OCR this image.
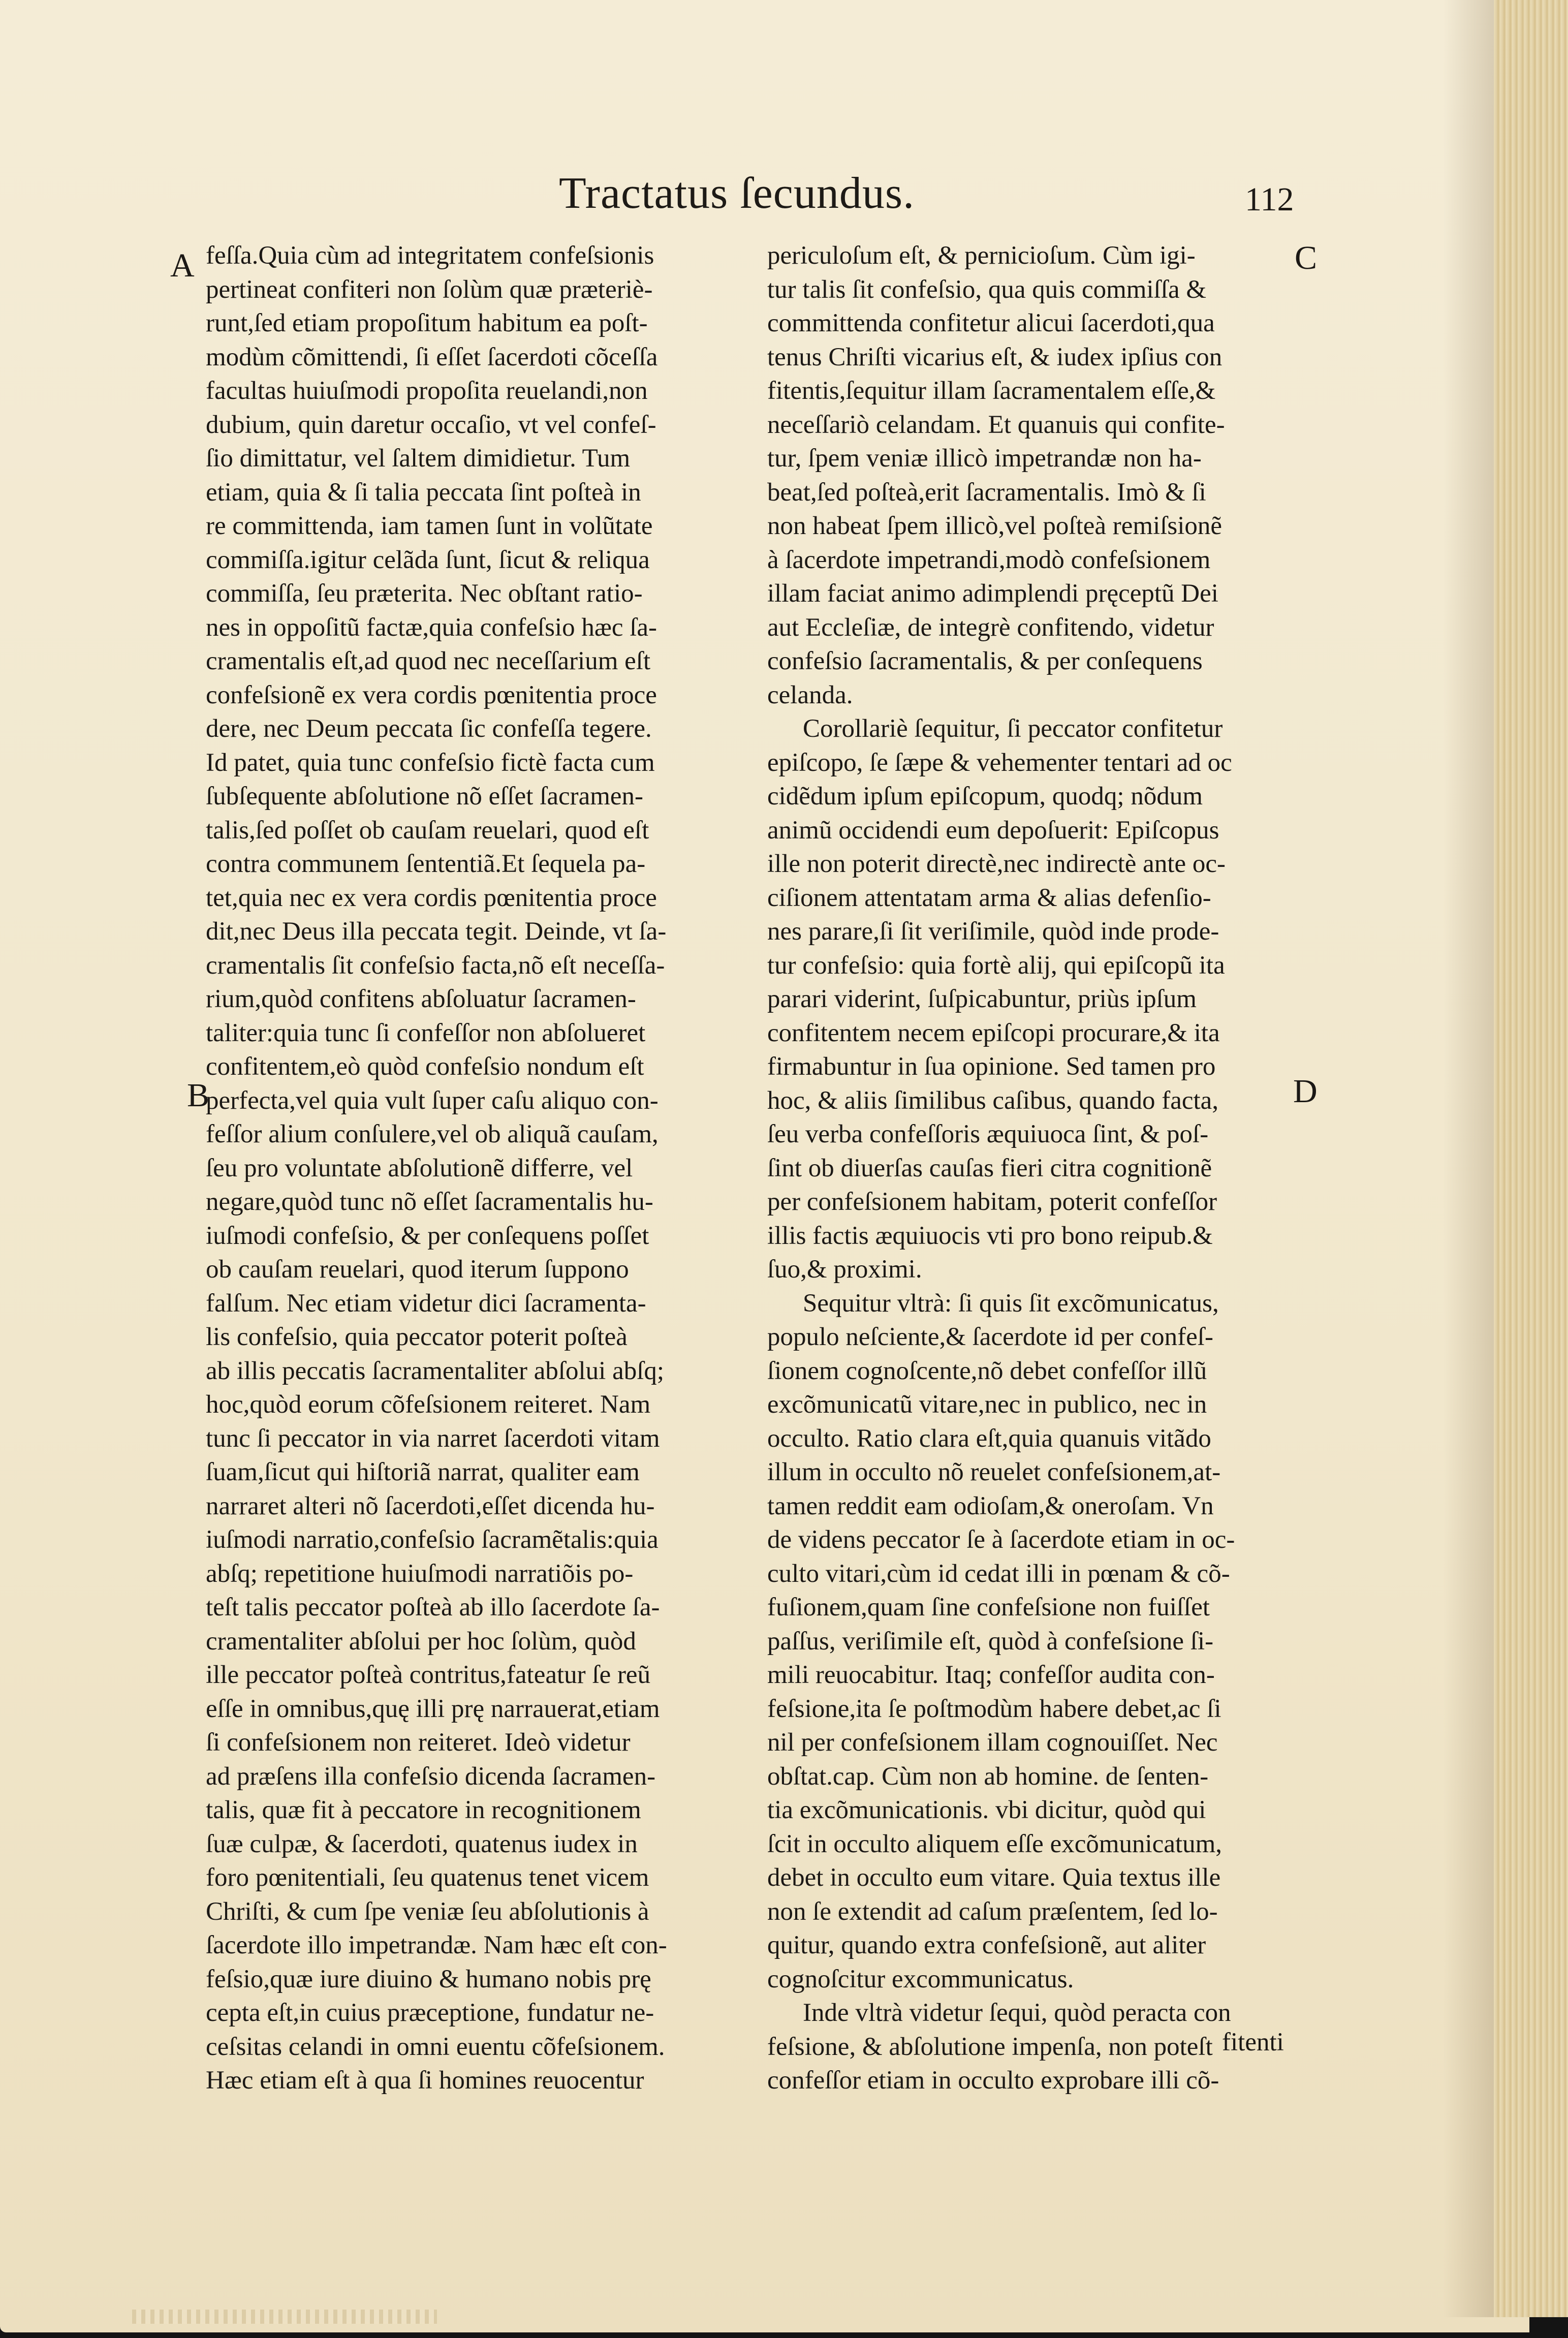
Tractatus ſecundus.	112
A
B
C
D
feſſa.Quia cùm ad integritatem confeſsionis
pertineat confiteri non ſolùm quæ præteriè-
runt,ſed etiam propoſitum habitum ea poſt-
modùm cõmittendi, ſi eſſet ſacerdoti cõceſſa
facultas huiuſmodi propoſita reuelandi,non
dubium, quin daretur occaſio, vt vel confeſ-
ſio dimittatur, vel ſaltem dimidietur. Tum
etiam, quia & ſi talia peccata ſint poſteà in
re committenda, iam tamen ſunt in volũtate
commiſſa.igitur celãda ſunt, ſicut & reliqua
commiſſa, ſeu præterita. Nec obſtant ratio-
nes in oppoſitũ factæ,quia confeſsio hæc ſa-
cramentalis eſt,ad quod nec neceſſarium eſt
confeſsionẽ ex vera cordis pœnitentia proce
dere, nec Deum peccata ſic confeſſa tegere.
Id patet, quia tunc confeſsio fictè facta cum
ſubſequente abſolutione nõ eſſet ſacramen-
talis,ſed poſſet ob cauſam reuelari, quod eſt
contra communem ſententiã.Et ſequela pa-
tet,quia nec ex vera cordis pœnitentia proce
dit,nec Deus illa peccata tegit. Deinde, vt ſa-
cramentalis ſit confeſsio facta,nõ eſt neceſſa-
rium,quòd confitens abſoluatur ſacramen-
taliter:quia tunc ſi confeſſor non abſolueret
confitentem,eò quòd confeſsio nondum eſt
perfecta,vel quia vult ſuper caſu aliquo con-
feſſor alium conſulere,vel ob aliquã cauſam,
ſeu pro voluntate abſolutionẽ differre, vel
negare,quòd tunc nõ eſſet ſacramentalis hu-
iuſmodi confeſsio, & per conſequens poſſet
ob cauſam reuelari, quod iterum ſuppono
falſum. Nec etiam videtur dici ſacramenta-
lis confeſsio, quia peccator poterit poſteà
ab illis peccatis ſacramentaliter abſolui abſq;
hoc,quòd eorum cõfeſsionem reiteret. Nam
tunc ſi peccator in via narret ſacerdoti vitam
ſuam,ſicut qui hiſtoriã narrat, qualiter eam
narraret alteri nõ ſacerdoti,eſſet dicenda hu-
iuſmodi narratio,confeſsio ſacramẽtalis:quia
abſq; repetitione huiuſmodi narratiõis po-
teſt talis peccator poſteà ab illo ſacerdote ſa-
cramentaliter abſolui per hoc ſolùm, quòd
ille peccator poſteà contritus,fateatur ſe reũ
eſſe in omnibus,quę illi prę narrauerat,etiam
ſi confeſsionem non reiteret. Ideò videtur
ad præſens illa confeſsio dicenda ſacramen-
talis, quæ fit à peccatore in recognitionem
ſuæ culpæ, & ſacerdoti, quatenus iudex in
foro pœnitentiali, ſeu quatenus tenet vicem
Chriſti, & cum ſpe veniæ ſeu abſolutionis à
ſacerdote illo impetrandæ. Nam hæc eſt con-
feſsio,quæ iure diuino & humano nobis prę
cepta eſt,in cuius præceptione, fundatur ne-
ceſsitas celandi in omni euentu cõfeſsionem.
Hæc etiam eſt à qua ſi homines reuocentur
periculoſum eſt, & pernicioſum. Cùm igi-
tur talis ſit confeſsio, qua quis commiſſa &
committenda confitetur alicui ſacerdoti,qua
tenus Chriſti vicarius eſt, & iudex ipſius con
fitentis,ſequitur illam ſacramentalem eſſe,&
neceſſariò celandam. Et quanuis qui confite-
tur, ſpem veniæ illicò impetrandæ non ha-
beat,ſed poſteà,erit ſacramentalis. Imò & ſi
non habeat ſpem illicò,vel poſteà remiſsionẽ
à ſacerdote impetrandi,modò confeſsionem
illam faciat animo adimplendi pręceptũ Dei
aut Eccleſiæ, de integrè confitendo, videtur
confeſsio ſacramentalis, & per conſequens
celanda.
Corollariè ſequitur, ſi peccator confitetur
epiſcopo, ſe ſæpe & vehementer tentari ad oc
cidẽdum ipſum epiſcopum, quodq; nõdum
animũ occidendi eum depoſuerit: Epiſcopus
ille non poterit directè,nec indirectè ante oc-
ciſionem attentatam arma & alias defenſio-
nes parare,ſi ſit veriſimile, quòd inde prode-
tur confeſsio: quia fortè alij, qui epiſcopũ ita
parari viderint, ſuſpicabuntur, priùs ipſum
confitentem necem epiſcopi procurare,& ita
firmabuntur in ſua opinione. Sed tamen pro
hoc, & aliis ſimilibus caſibus, quando facta,
ſeu verba confeſſoris æquiuoca ſint, & poſ-
ſint ob diuerſas cauſas fieri citra cognitionẽ
per confeſsionem habitam, poterit confeſſor
illis factis æquiuocis vti pro bono reipub.&
ſuo,& proximi.
Sequitur vltrà: ſi quis ſit excõmunicatus,
populo neſciente,& ſacerdote id per confeſ-
ſionem cognoſcente,nõ debet confeſſor illũ
excõmunicatũ vitare,nec in publico, nec in
occulto. Ratio clara eſt,quia quanuis vitãdo
illum in occulto nõ reuelet confeſsionem,at-
tamen reddit eam odioſam,& oneroſam. Vn
de videns peccator ſe à ſacerdote etiam in oc-
culto vitari,cùm id cedat illi in pœnam & cõ-
fuſionem,quam ſine confeſsione non fuiſſet
paſſus, veriſimile eſt, quòd à confeſsione ſi-
mili reuocabitur. Itaq; confeſſor audita con-
feſsione,ita ſe poſtmodùm habere debet,ac ſi
nil per confeſsionem illam cognouiſſet. Nec
obſtat.cap. Cùm non ab homine. de ſenten-
tia excõmunicationis. vbi dicitur, quòd qui
ſcit in occulto aliquem eſſe excõmunicatum,
debet in occulto eum vitare. Quia textus ille
non ſe extendit ad caſum præſentem, ſed lo-
quitur, quando extra confeſsionẽ, aut aliter
cognoſcitur excommunicatus.
Inde vltrà videtur ſequi, quòd peracta con
feſsione, & abſolutione impenſa, non poteſt
confeſſor etiam in occulto exprobare illi cõ-
fitenti
